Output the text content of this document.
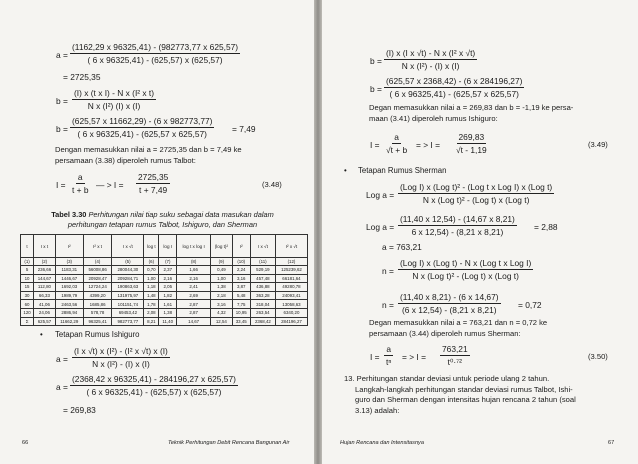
$a = \frac{(1162,29 x 96325,41) - (982773,77 x 625,57)}{( 6 x 96325,41) - (625,57) x (625,57)}$
= 2725,35
$b = \frac{\text{(I) x (t x I) - N x (I² x t)}}{\text{N x (I²) (I) x (I)}}$
$b = \frac{(625,57 x 11662,29) - (6 x 982773,77)}{( 6 x 96325,41) - (625,57 x 625,57)} = 7,49$
Dengan memasukkan nilai a = 2725,35 dan b = 7,49 ke
persamaan (3.38) diperoleh rumus Talbot:
$I = \frac{a}{t + b}$ — > $I = \frac{2725,35}{t + 7,49}$	(3.48)
Tabel 3.30 Perhitungan nilai tiap suku sebagai data masukan dalam
perhitungan tetapan rumus Talbot, Ishiguro, dan Sherman
t	I x t	I²	I² x t	I x √t	log t	log I	log t x log I	(log t)²	I²	I x √t	I² x √t
(1)	(2)	(3)	(4)	(5)	(6)	(7)	(8)	(9)	(10)	(11)	(12)
5	236,66	1183,31	56008,86	280044,30	0,70	2,37	1,66	0,49	2,24	529,19	125239,62
10	144,67	1446,67	20928,47	209284,71	1,00	2,16	2,16	1,00	3,16	457,48	66181,64
15	112,80	1692,03	12724,24	190863,63	1,18	2,05	2,41	1,38	3,87	436,88	49280,78
30	66,33	1989,79	4399,20	131975,97	1,48	1,82	2,69	2,18	5,48	363,28	24093,41
60	41,06	2463,56	1685,86	101151,74	1,78	1,61	2,87	3,16	7,75	318,04	13058,63
120	24,06	2886,94	578,78	69453,42	2,08	1,38	2,87	4,32	10,95	263,54	6340,20
Σ	625,57	11662,29	96325,41	982773,77	8,21	11,40	14,67	12,54	33,45	2368,42	284196,27
• Tetapan Rumus Ishiguro
$a = \frac{\text{(I x √t) x (I²) - (I² x √t) x (I)}}{\text{N x (I²) - (I) x (I)}}$
$a = \frac{(2368,42 x 96325,41) - 284196,27 x 625,57)}{( 6 x 96325,41) - (625,57) x (625,57)}$
= 269,83
66	Teknik Perhitungan Debit Rencana Bangunan Air
$b = \frac{\text{(I) x (I x √t) - N x (I² x √t)}}{\text{N x (I²) - (I) x (I)}}$
$b = \frac{(625,57 x 2368,42) - (6 x 284196,27)}{( 6 x 96325,41) - (625,57 x 625,57)}$
Degan memasukkan nilai a = 269,83 dan b = -1,19 ke persa-
maan (3.41) diperoleh rumus Ishiguro:
$I = \frac{a}{√t + b}$ = > $I = \frac{269,83}{√t - 1,19}$	(3.49)
• Tetapan Rumus Sherman
Log a =
(Log I) x (Log t)² - (Log t x Log I) x (Log t)
N x (Log t)² - (Log t) x (Log t)
Log $a = \frac{(11,40 x 12,54) - (14,67 x 8,21)}{6 x 12,54) - (8,21 x 8,21)} = 2,88$
a = 763,21
n =
(Log I) x (Log t) - N x (Log t x Log I)
N x (Log t)² - (Log t) x (Log t)
$n = \frac{(11,40 x 8,21) - (6 x 14,67)}{(6 x 12,54) - (8,21 x 8,21)} = 0,72$
Degan memasukkan nilai a = 763,21 dan n = 0,72 ke
persamaan (3.44) diperoleh rumus Sherman:
$I = \frac{a}{\text{tⁿ}}$ = > $I = \frac{763,21}{\text{t⁰·⁷²}}$	(3.50)
13. Perhitungan standar deviasi untuk periode ulang 2 tahun.
Langkah-langkah perhitungan standar deviasi rumus Talbot, Ishi-
guro dan Sherman dengan intensitas hujan rencana 2 tahun (soal
3.13) adalah:
Hujan Rencana dan Intensitasnya	67
